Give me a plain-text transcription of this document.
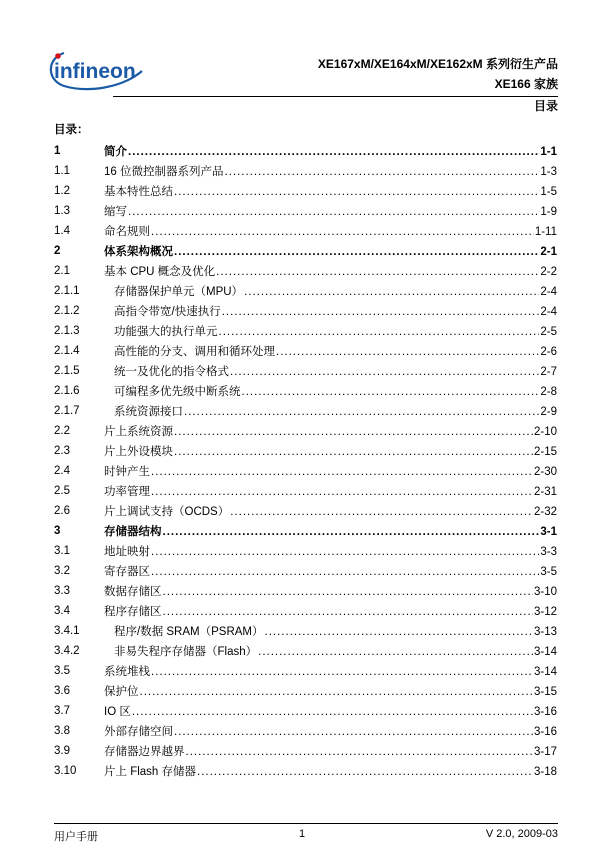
infineon	XE167xM/XE164xM/XE162xM 系列衍生产品
XE166 家族
目录
目录：
1	简介 .....	1-1
1.1	16 位微控制器系列产品 .....	1-3
1.2	基本特性总结 .....	1-5
1.3	缩写 .....	1-9
1.4	命名规则 .....	1-11
2	体系架构概况 .....	2-1
2.1	基本 CPU 概念及优化 .....	2-2
2.1.1	存储器保护单元（MPU） .....	2-4
2.1.2	高指令带宽/快速执行 .....	2-4
2.1.3	功能强大的执行单元 .....	2-5
2.1.4	高性能的分支、调用和循环处理 .....	2-6
2.1.5	统一及优化的指令格式 .....	2-7
2.1.6	可编程多优先级中断系统 .....	2-8
2.1.7	系统资源接口 .....	2-9
2.2	片上系统资源 .....	2-10
2.3	片上外设模块 .....	2-15
2.4	时钟产生 .....	2-30
2.5	功率管理 .....	2-31
2.6	片上调试支持（OCDS） .....	2-32
3	存储器结构 .....	3-1
3.1	地址映射 .....	3-3
3.2	寄存器区 .....	3-5
3.3	数据存储区 .....	3-10
3.4	程序存储区 .....	3-12
3.4.1	程序/数据 SRAM（PSRAM） .....	3-13
3.4.2	非易失程序存储器（Flash） .....	3-14
3.5	系统堆栈 .....	3-14
3.6	保护位 .....	3-15
3.7	IO 区 .....	3-16
3.8	外部存储空间 .....	3-16
3.9	存储器边界越界 .....	3-17
3.10	片上 Flash 存储器 .....	3-18
用户手册	1	V 2.0, 2009-03
